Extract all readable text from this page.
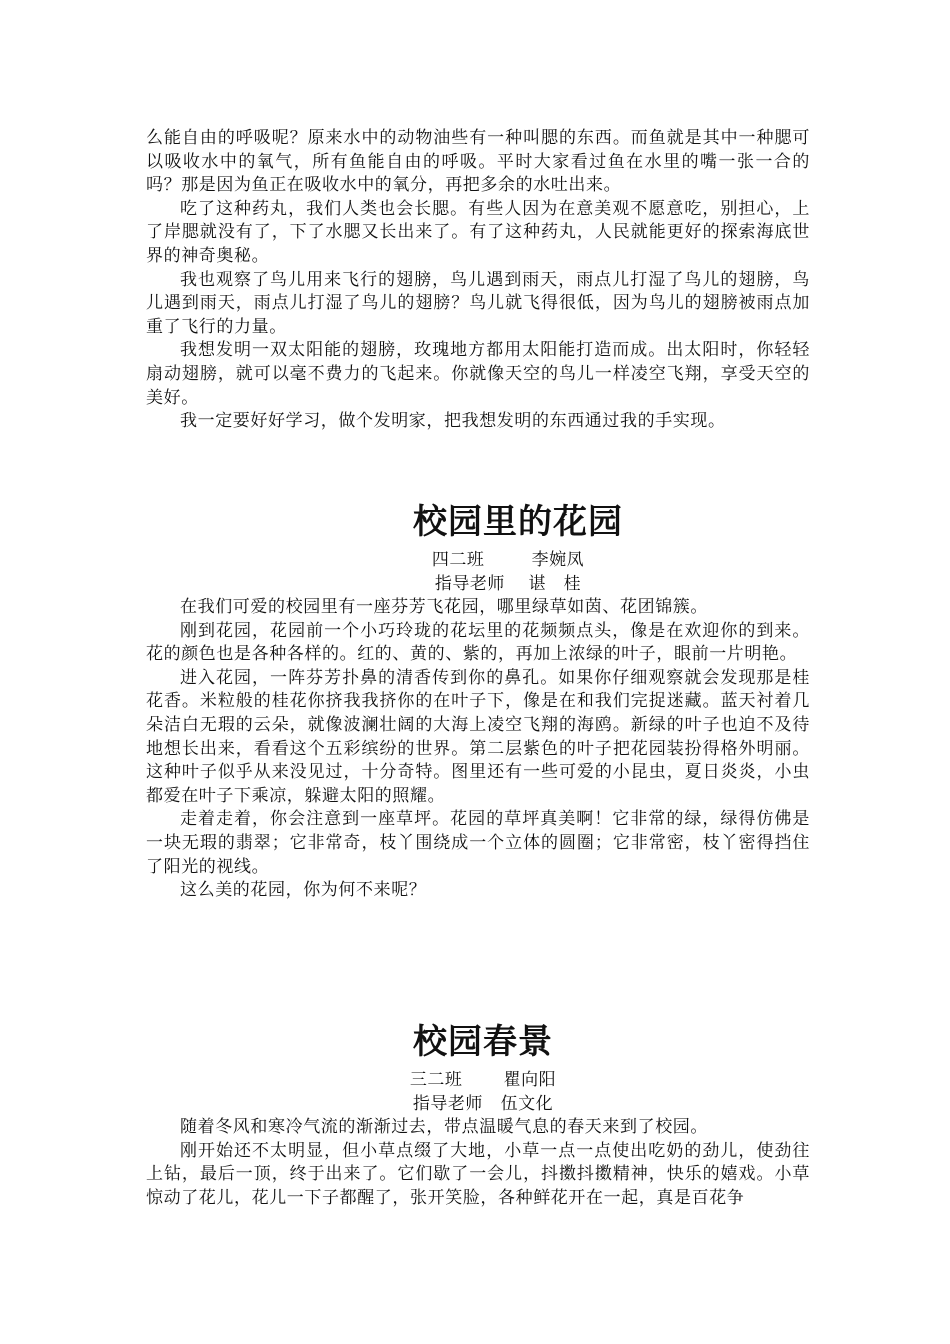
么能自由的呼吸呢？原来水中的动物油些有一种叫腮的东西。而鱼就是其中一种腮可以吸收水中的氧气，所有鱼能自由的呼吸。平时大家看过鱼在水里的嘴一张一合的吗？那是因为鱼正在吸收水中的氧分，再把多余的水吐出来。

吃了这种药丸，我们人类也会长腮。有些人因为在意美观不愿意吃，别担心，上了岸腮就没有了，下了水腮又长出来了。有了这种药丸，人民就能更好的探索海底世界的神奇奥秘。

我也观察了鸟儿用来飞行的翅膀，鸟儿遇到雨天，雨点儿打湿了鸟儿的翅膀，鸟儿遇到雨天，雨点儿打湿了鸟儿的翅膀？鸟儿就飞得很低，因为鸟儿的翅膀被雨点加重了飞行的力量。

我想发明一双太阳能的翅膀，玫瑰地方都用太阳能打造而成。出太阳时，你轻轻扇动翅膀，就可以毫不费力的飞起来。你就像天空的鸟儿一样凌空飞翔，享受天空的美好。

我一定要好好学习，做个发明家，把我想发明的东西通过我的手实现。

校园里的花园

四二班        李婉凤

指导老师    谌   桂

在我们可爱的校园里有一座芬芳飞花园，哪里绿草如茵、花团锦簇。

刚到花园，花园前一个小巧玲珑的花坛里的花频频点头，像是在欢迎你的到来。花的颜色也是各种各样的。红的、黄的、紫的，再加上浓绿的叶子，眼前一片明艳。

进入花园，一阵芬芳扑鼻的清香传到你的鼻孔。如果你仔细观察就会发现那是桂花香。米粒般的桂花你挤我我挤你的在叶子下，像是在和我们完捉迷藏。蓝天衬着几朵洁白无瑕的云朵，就像波澜壮阔的大海上凌空飞翔的海鸥。新绿的叶子也迫不及待地想长出来，看看这个五彩缤纷的世界。第二层紫色的叶子把花园装扮得格外明丽。这种叶子似乎从来没见过，十分奇特。图里还有一些可爱的小昆虫，夏日炎炎，小虫都爱在叶子下乘凉，躲避太阳的照耀。

走着走着，你会注意到一座草坪。花园的草坪真美啊！它非常的绿，绿得仿佛是一块无瑕的翡翠；它非常奇，枝丫围绕成一个立体的圆圈；它非常密，枝丫密得挡住了阳光的视线。

这么美的花园，你为何不来呢？

校园春景

三二班       瞿向阳

指导老师   伍文化

随着冬风和寒冷气流的渐渐过去，带点温暖气息的春天来到了校园。

刚开始还不太明显，但小草点缀了大地，小草一点一点使出吃奶的劲儿，使劲往上钻，最后一顶，终于出来了。它们歇了一会儿，抖擞抖擞精神，快乐的嬉戏。小草惊动了花儿，花儿一下子都醒了，张开笑脸，各种鲜花开在一起，真是百花争
